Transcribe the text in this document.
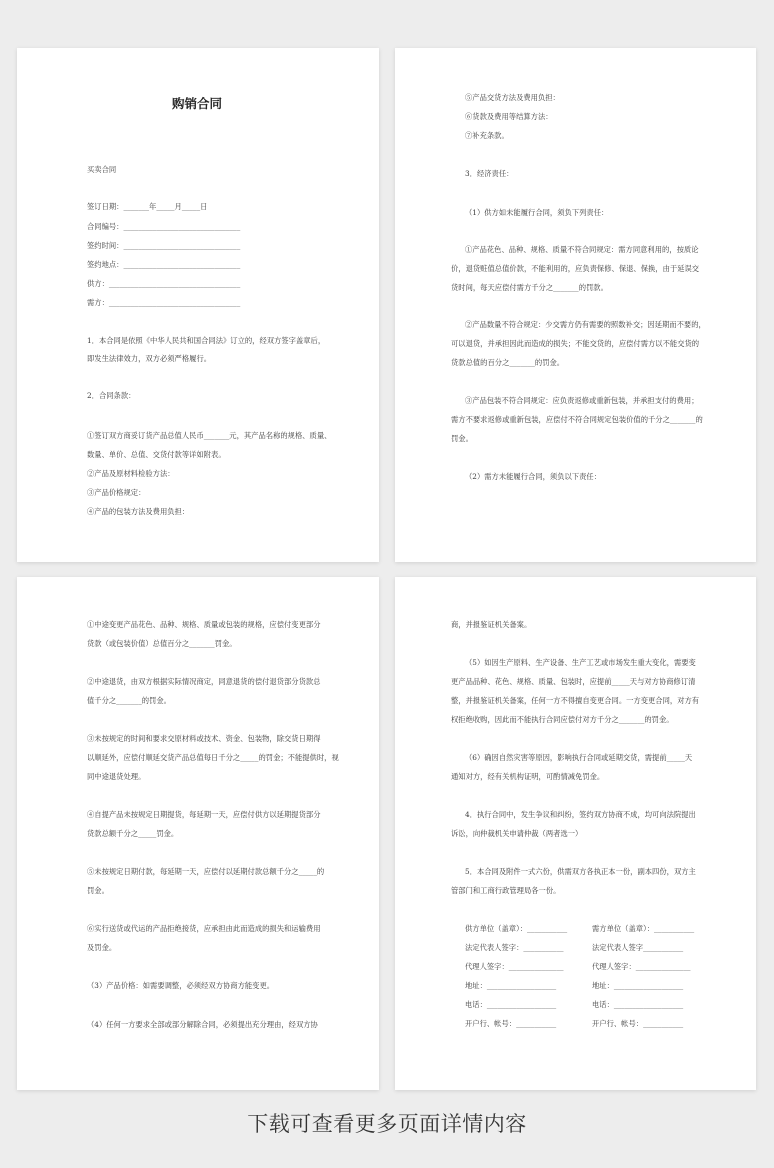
购销合同
买卖合同
签订日期：_______年_____月_____日
合同编号：________________________________
签约时间：________________________________
签约地点：________________________________
供方：____________________________________
需方：____________________________________
1．本合同是依照《中华人民共和国合同法》订立的，经双方签字盖章后，
即发生法律效力，双方必须严格履行。
2．合同条款：
①签订双方商妥订货产品总值人民币_______元，其产品名称的规格、质量、
数量、单价、总值、交货付款等详如附表。
②产品及原材料检验方法：
③产品价格规定：
④产品的包装方法及费用负担：
⑤产品交货方法及费用负担：
⑥货款及费用等结算方法：
⑦补充条款。
3．经济责任：
（1）供方如未能履行合同，须负下列责任：
①产品花色、品种、规格、质量不符合同规定：需方同意利用的，按质论
价，退货赃值总值价款，不能利用的，应负责保修、保退、保换，由于延误交
货时间，每天应偿付需方千分之_______的罚款。
②产品数量不符合规定：少交需方仍有需要的照数补交；因延期而不要的，
可以退货，并承担因此而造成的损失；不能交货的，应偿付需方以不能交货的
货款总值的百分之_______的罚金。
③产品包装不符合同规定：应负责返修或重新包装，并承担支付的费用；
需方不要求返修或重新包装，应偿付不符合同规定包装价值的千分之_______的
罚金。
（2）需方未能履行合同，须负以下责任：
①中途变更产品花色、品种、规格、质量或包装的规格，应偿付变更部分
货款（或包装价值）总值百分之_______罚金。
②中途退货，由双方根据实际情况商定，同意退货的偿付退货部分货款总
值千分之_______的罚金。
③未按规定的时间和要求交原材料或技术、资金、包装物，除交货日期得
以顺延外，应偿付顺延交货产品总值每日千分之_____的罚金；不能提供时，视
同中途退货处理。
④自提产品未按规定日期提货，每延期一天，应偿付供方以延期提货部分
货款总额千分之_____罚金。
⑤未按规定日期付款，每延期一天，应偿付以延期付款总额千分之_____的
罚金。
⑥实行送货或代运的产品拒绝接货，应承担由此而造成的损失和运输费用
及罚金。
（3）产品价格：如需要调整，必须经双方协商方能变更。
（4）任何一方要求全部或部分解除合同，必须提出充分理由，经双方协
商，并报鉴证机关备案。
（5）如因生产原料、生产设备、生产工艺或市场发生重大变化，需要变
更产品品种、花色、规格、质量、包装时，应提前_____天与对方协商修订清
整，并报鉴证机关备案，任何一方不得擅自变更合同。一方变更合同，对方有
权拒绝收购，因此而不能执行合同应偿付对方千分之_______的罚金。
（6）确因自然灾害等原因，影响执行合同或延期交货，需提前_____天
通知对方，经有关机构证明，可酌情减免罚金。
4．执行合同中，发生争议和纠纷，签约双方协商不成，均可向法院提出
诉讼，向仲裁机关申请仲裁（两者选一）
5．本合同及附件一式六份，供需双方各执正本一份，副本四份，双方主
管部门和工商行政管理局各一份。
供方单位（盖章）：___________
法定代表人签字：___________
代理人签字：_______________
地址：___________________
电话：___________________
开户行、帐号：___________
需方单位（盖章）：___________
法定代表人签字___________
代理人签字：_______________
地址：___________________
电话：___________________
开户行、帐号：___________
下载可查看更多页面详情内容
